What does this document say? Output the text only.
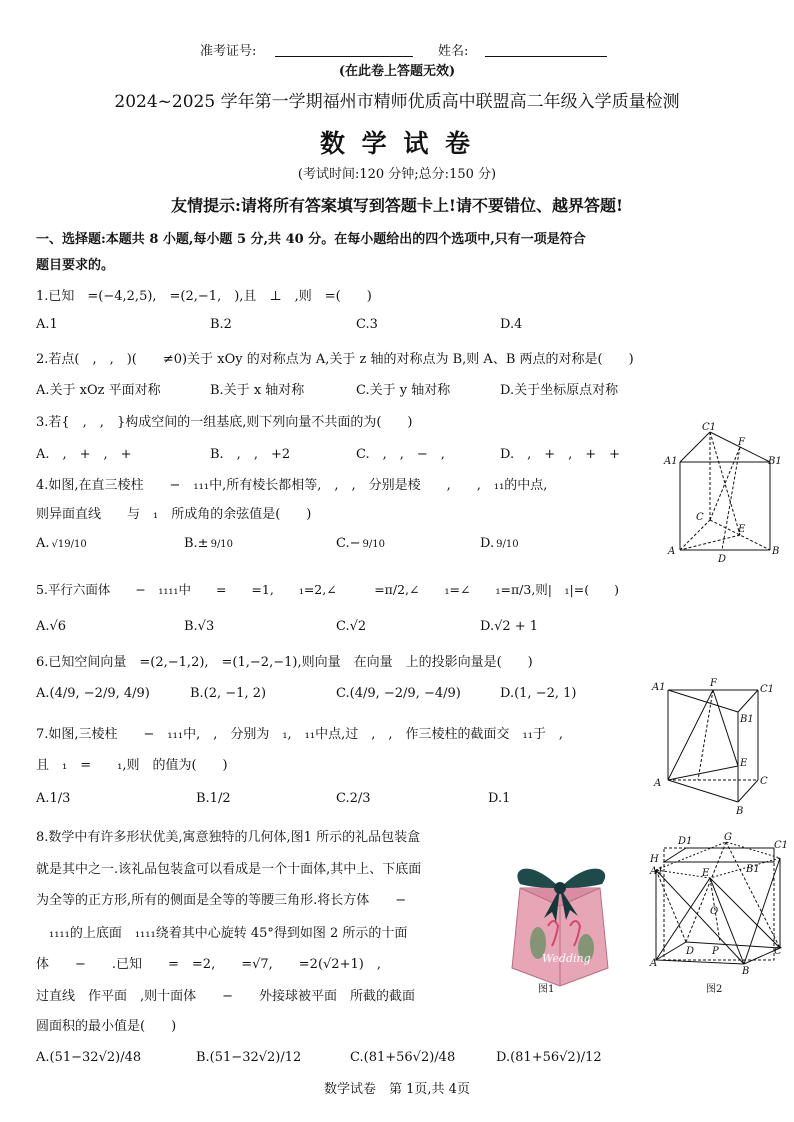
准考证号:	姓名:
(在此卷上答题无效)
2024~2025 学年第一学期福州市精师优质高中联盟高二年级入学质量检测
数 学 试 卷
(考试时间:120 分钟;总分:150 分)
友情提示:请将所有答案填写到答题卡上!请不要错位、越界答题!
一、选择题:本题共 8 小题,每小题 5 分,共 40 分。在每小题给出的四个选项中,只有一项是符合
题目要求的。
1.已知　=(−4,2,5),　=(2,−1,　),且　⊥　,则　=(　　)
A.1	B.2	C.3	D.4
2.若点(　,　,　)(　　≠0)关于 xOy 的对称点为 A,关于 z 轴的对称点为 B,则 A、B 两点的对称是(　　)
A.关于 xOz 平面对称	B.关于 x 轴对称	C.关于 y 轴对称	D.关于坐标原点对称
3.若{　,　,　}构成空间的一组基底,则下列向量不共面的为(　　)
A.　,　+　,　+	B.　,　,　+2	C.　,　,　−　,	D.　,　+　,　+　+
4.如图,在直三棱柱　　−　₁₁₁中,所有棱长都相等,　,　,　分别是棱　　,　　,　₁₁的中点,
则异面直线　　与　₁　所成角的余弦值是(　　)
A. √19/10	B.± 9/10	C.− 9/10	D. 9/10
5.平行六面体　　−　₁₁₁₁中　　=　　=1,　　₁=2,∠　　　=π/2,∠　　₁=∠　　₁=π/3,则|　₁|=(　　)
A.√6	B.√3	C.√2	D.√2 + 1
6.已知空间向量　=(2,−1,2),　=(1,−2,−1),则向量　在向量　上的投影向量是(　　)
A.(4/9, −2/9, 4/9)	B.(2, −1, 2)	C.(4/9, −2/9, −4/9)	D.(1, −2, 1)
7.如图,三棱柱　　−　₁₁₁中,　,　分别为　₁,　₁₁中点,过　,　,　作三棱柱的截面交　₁₁于　,
且　₁　=　　₁,则　的值为(　　)
A.1/3	B.1/2	C.2/3	D.1
8.数学中有许多形状优美,寓意独特的几何体,图1 所示的礼品包装盒
就是其中之一.该礼品包装盒可以看成是一个十面体,其中上、下底面
为全等的正方形,所有的侧面是全等的等腰三角形.将长方体　　−
　₁₁₁₁的上底面　₁₁₁₁绕着其中心旋转 45°得到如图 2 所示的十面
体　　−　　.已知　　=　=2,　　=√7,　　=2(√2+1)　,
过直线　作平面　,则十面体　　−　　外接球被平面　所截的截面
圆面积的最小值是(　　)
A.(51−32√2)/48	B.(51−32√2)/12	C.(81+56√2)/48	D.(81+56√2)/12
C1
F
A1	B1
C
E
A
D
B
A1	F
C1
B1
E
A	C
B
Wedding
图1
D1	G
C1
H
A1	E	B1
O
D P	C
A
B
图2
数学试卷　第 1页,共 4页
